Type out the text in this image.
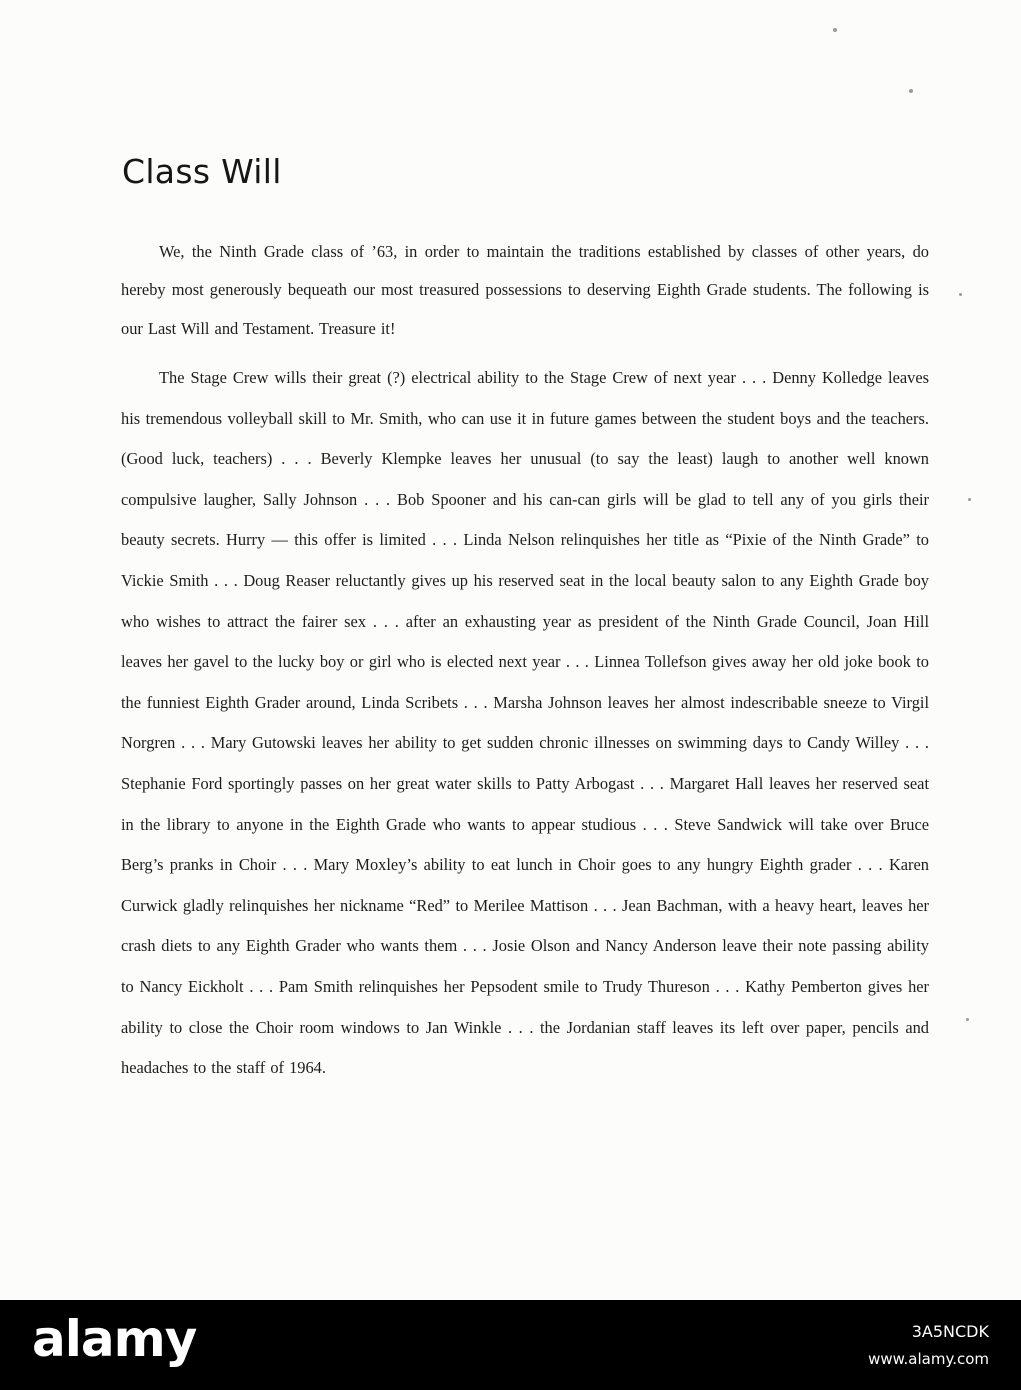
Class Will

We, the Ninth Grade class of ’63, in order to maintain the traditions established by classes of other years, do hereby most generously bequeath our most treasured possessions to deserving Eighth Grade students. The following is our Last Will and Testament. Treasure it!

The Stage Crew wills their great (?) electrical ability to the Stage Crew of next year . . . Denny Kolledge leaves his tremendous volleyball skill to Mr. Smith, who can use it in future games between the student boys and the teachers. (Good luck, teachers) . . . Beverly Klempke leaves her unusual (to say the least) laugh to another well known compulsive laugher, Sally Johnson . . . Bob Spooner and his can-can girls will be glad to tell any of you girls their beauty secrets. Hurry — this offer is limited . . . Linda Nelson relinquishes her title as “Pixie of the Ninth Grade” to Vickie Smith . . . Doug Reaser reluctantly gives up his reserved seat in the local beauty salon to any Eighth Grade boy who wishes to attract the fairer sex . . . after an exhausting year as president of the Ninth Grade Council, Joan Hill leaves her gavel to the lucky boy or girl who is elected next year . . . Linnea Tollefson gives away her old joke book to the funniest Eighth Grader around, Linda Scribets . . . Marsha Johnson leaves her almost indescribable sneeze to Virgil Norgren . . . Mary Gutowski leaves her ability to get sudden chronic illnesses on swimming days to Candy Willey . . . Stephanie Ford sportingly passes on her great water skills to Patty Arbogast . . . Margaret Hall leaves her reserved seat in the library to anyone in the Eighth Grade who wants to appear studious . . . Steve Sandwick will take over Bruce Berg’s pranks in Choir . . . Mary Moxley’s ability to eat lunch in Choir goes to any hungry Eighth grader . . . Karen Curwick gladly relinquishes her nickname “Red” to Merilee Mattison . . . Jean Bachman, with a heavy heart, leaves her crash diets to any Eighth Grader who wants them . . . Josie Olson and Nancy Anderson leave their note passing ability to Nancy Eickholt . . . Pam Smith relinquishes her Pepsodent smile to Trudy Thureson . . . Kathy Pemberton gives her ability to close the Choir room windows to Jan Winkle . . . the Jordanian staff leaves its left over paper, pencils and headaches to the staff of 1964.

alamy	3A5NCDK
www.alamy.com
